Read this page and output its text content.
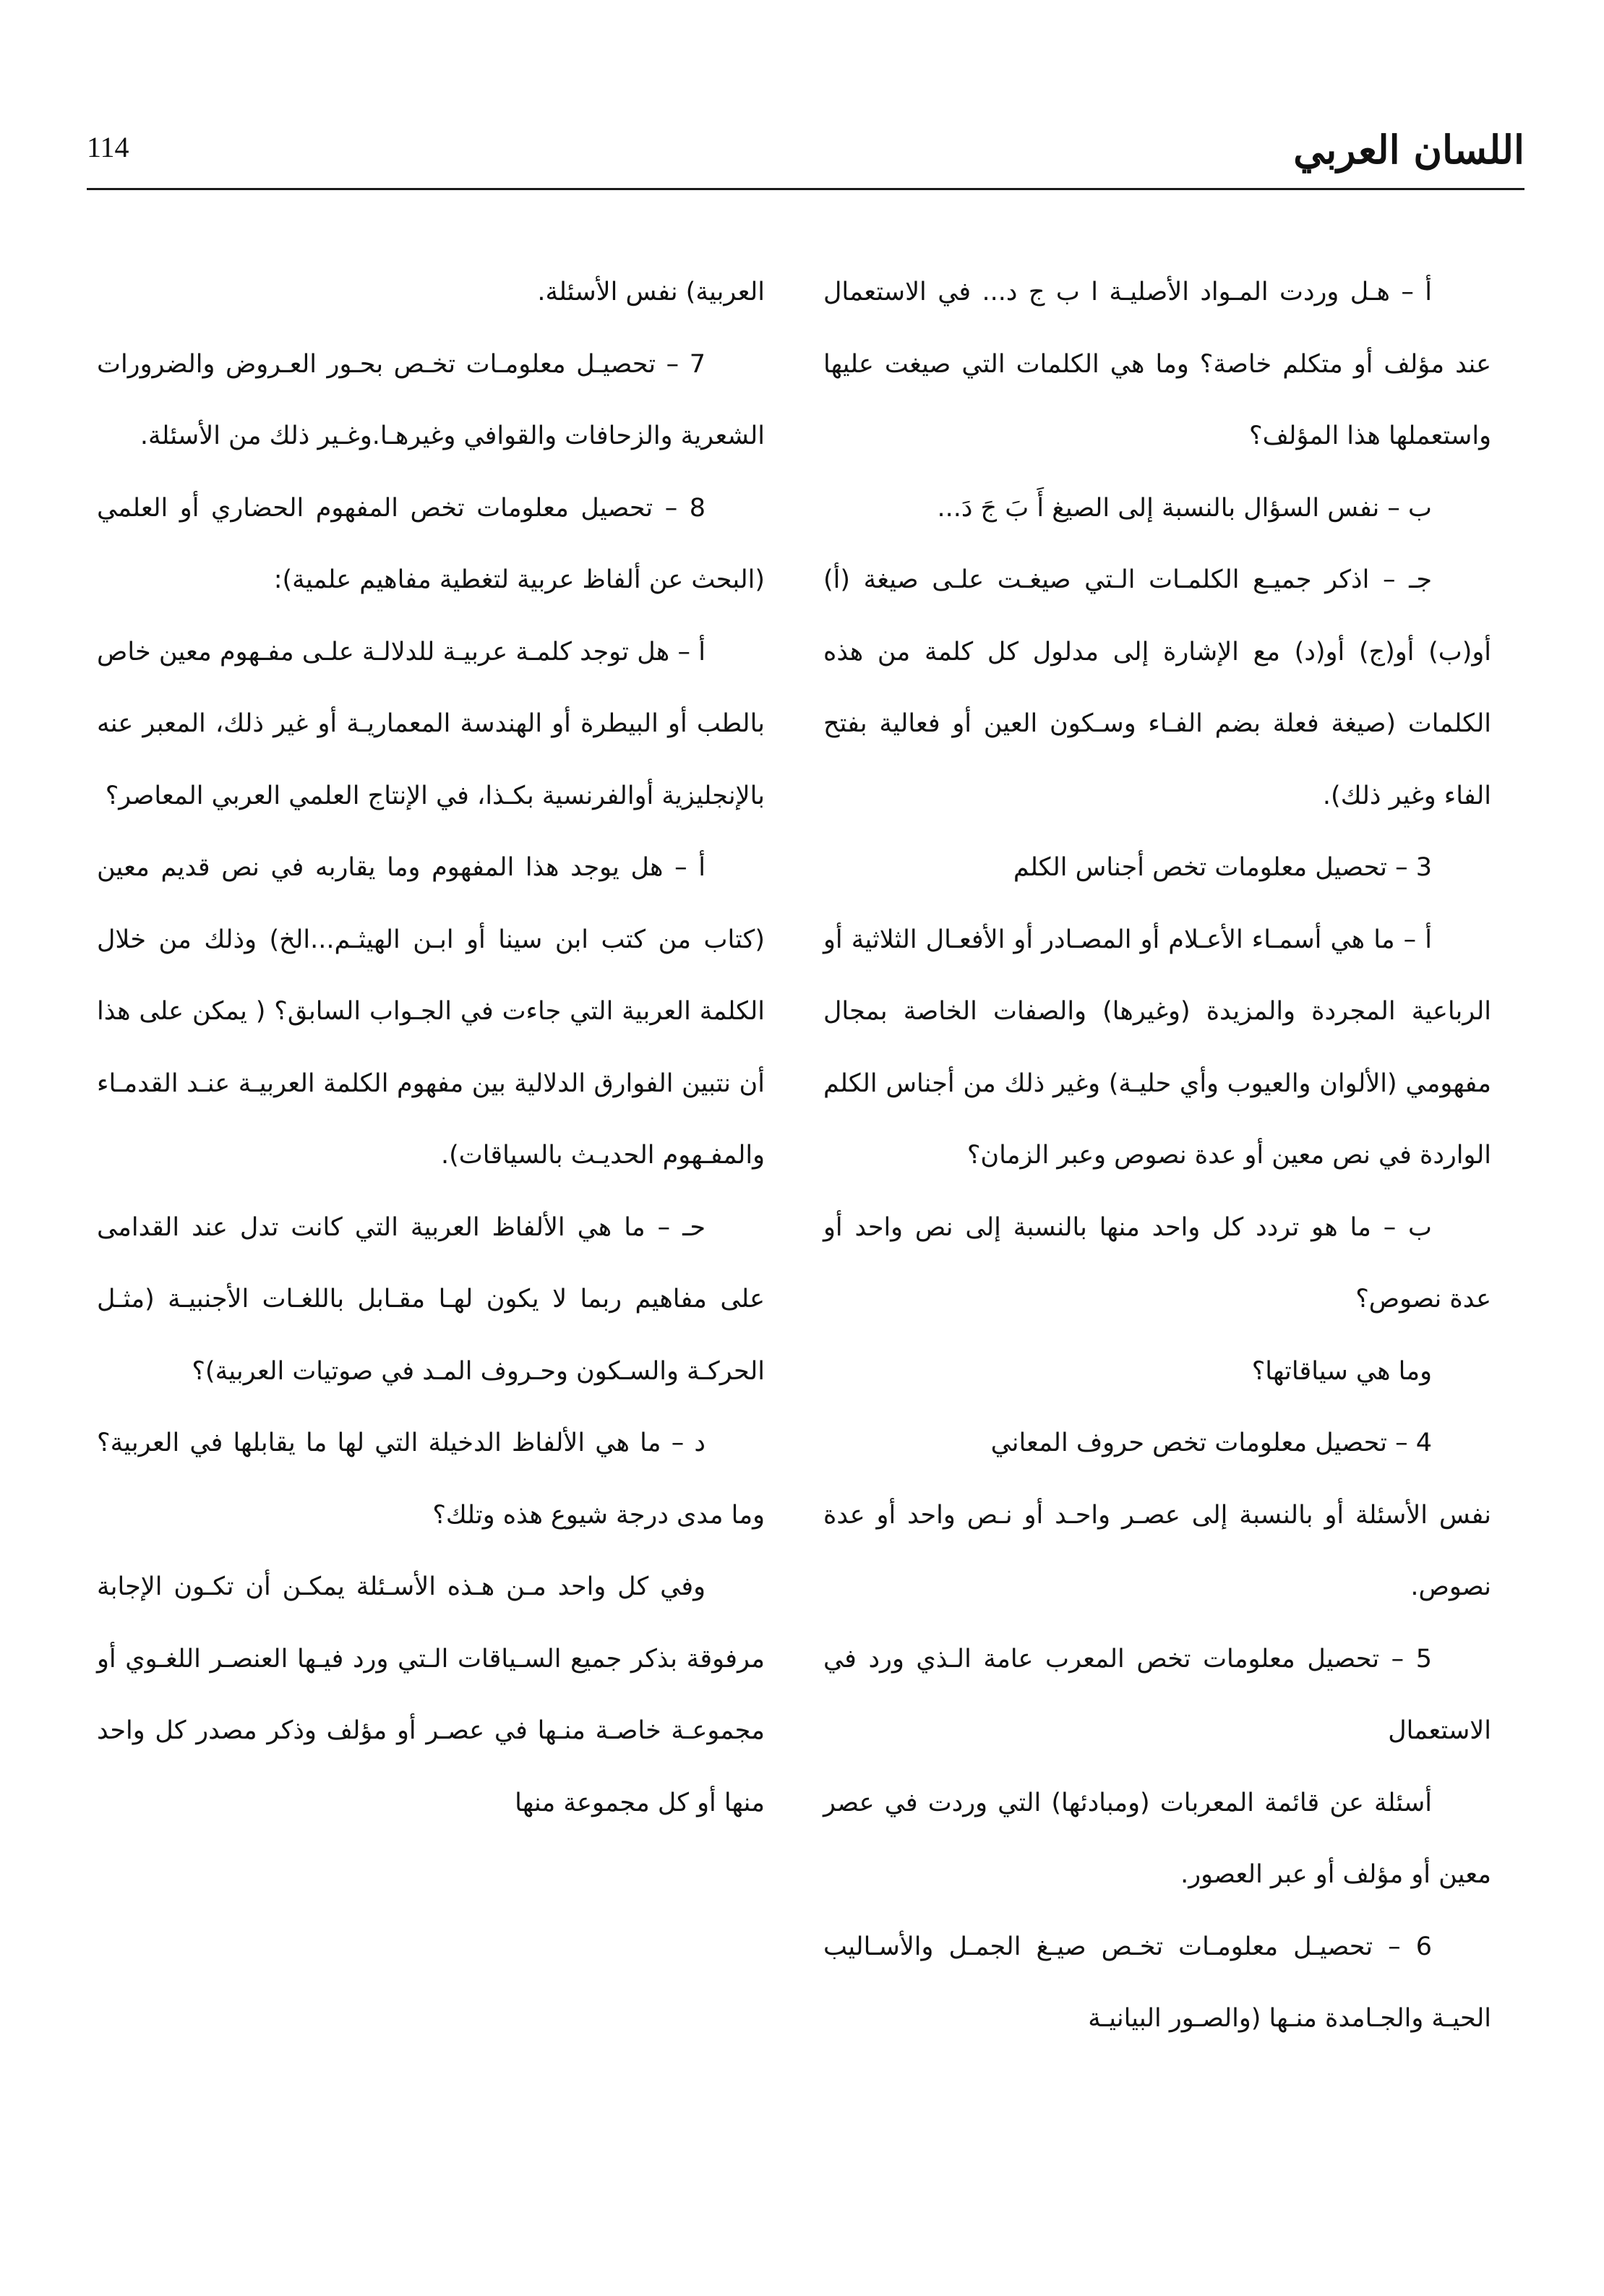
اللسان العربي
114

أ – هـل وردت المـواد الأصليـة ا ب ج د... في الاستعمال عند مؤلف أو متكلم خاصة؟ وما هي الكلمات التي صيغت عليها واستعملها هذا المؤلف؟

ب – نفس السؤال بالنسبة إلى الصيغ أَ بَ جَ دَ...

جـ – اذكر جميـع الكلمـات الـتي صيغـت علـى صيغة (أ) أو(ب) أو(ج) أو(د) مع الإشارة إلى مدلول كل كلمة من هذه الكلمات (صيغة فعلة بضم الفـاء وسـكون العين أو فعالية بفتح الفاء وغير ذلك).

3 – تحصيل معلومات تخص أجناس الكلم

أ – ما هي أسمـاء الأعـلام أو المصـادر أو الأفعـال الثلاثية أو الرباعية المجردة والمزيدة (وغيرها) والصفات الخاصة بمجال مفهومي (الألوان والعيوب وأي حليـة) وغير ذلك من أجناس الكلم الواردة في نص معين أو عدة نصوص وعبر الزمان؟

ب – ما هو تردد كل واحد منها بالنسبة إلى نص واحد أو عدة نصوص؟

وما هي سياقاتها؟

4 – تحصيل معلومات تخص حروف المعاني

نفس الأسئلة أو بالنسبة إلى عصـر واحـد أو نـص واحد أو عدة نصوص.

5 – تحصيل معلومات تخص المعرب عامة الـذي ورد في الاستعمال

أسئلة عن قائمة المعربات (ومبادئها) التي وردت في عصر معين أو مؤلف أو عبر العصور.

6 – تحصيـل معلومـات تخـص صيـغ الجمـل والأسـاليب الحيـة والجـامدة منـها (والصـور البيانيـة

العربية) نفس الأسئلة.

7 – تحصيـل معلومـات تخـص بحـور العـروض والضرورات الشعرية والزحافات والقوافي وغيرهـا.وغـير ذلك من الأسئلة.

8 – تحصيل معلومات تخص المفهوم الحضاري أو العلمي (البحث عن ألفاظ عربية لتغطية مفاهيم علمية):

أ – هل توجد كلمـة عربيـة للدلالـة علـى مفـهوم معين خاص بالطب أو البيطرة أو الهندسة المعماريـة أو غير ذلك، المعبر عنه بالإنجليزية أوالفرنسية بكـذا، في الإنتاج العلمي العربي المعاصر؟

أ – هل يوجد هذا المفهوم وما يقاربه في نص قديم معين (كتاب من كتب ابن سينا أو ابـن الهيثـم...الخ) وذلك من خلال الكلمة العربية التي جاءت في الجـواب السابق؟ ( يمكن على هذا أن نتبين الفوارق الدلالية بين مفهوم الكلمة العربيـة عنـد القدمـاء والمفـهوم الحديـث بالسياقات).

حـ – ما هي الألفاظ العربية التي كانت تدل عند القدامى على مفاهيم ربما لا يكون لهـا مقـابل باللغـات الأجنبيـة (مثـل الحركـة والسـكون وحـروف المـد في صوتيات العربية)؟

د – ما هي الألفاظ الدخيلة التي لها ما يقابلها في العربية؟ وما مدى درجة شيوع هذه وتلك؟

وفي كل واحد مـن هـذه الأسـئلة يمكـن أن تكـون الإجابة مرفوقة بذكر جميع السـياقات الـتي ورد فيـها العنصـر اللغـوي أو مجموعـة خاصـة منـها في عصـر أو مؤلف وذكر مصدر كل واحد منها أو كل مجموعة منها
